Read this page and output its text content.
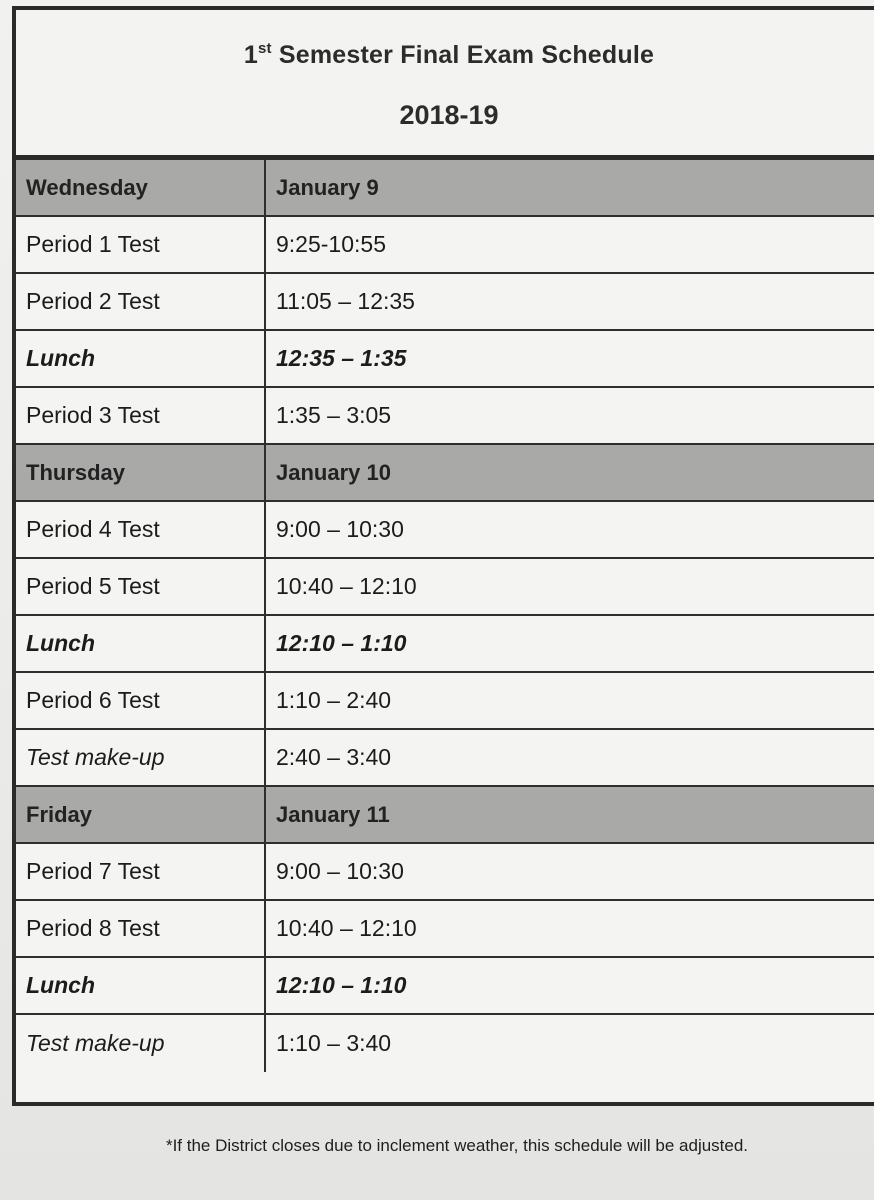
1st Semester Final Exam Schedule
2018-19
Wednesday	January 9
Period 1 Test	9:25-10:55
Period 2 Test	11:05 – 12:35
Lunch	12:35 – 1:35
Period 3 Test	1:35 – 3:05
Thursday	January 10
Period 4 Test	9:00 – 10:30
Period 5 Test	10:40 – 12:10
Lunch	12:10 – 1:10
Period 6 Test	1:10 – 2:40
Test make-up	2:40 – 3:40
Friday	January 11
Period 7 Test	9:00 – 10:30
Period 8 Test	10:40 – 12:10
Lunch	12:10 – 1:10
Test make-up	1:10 – 3:40
*If the District closes due to inclement weather, this schedule will be adjusted.
